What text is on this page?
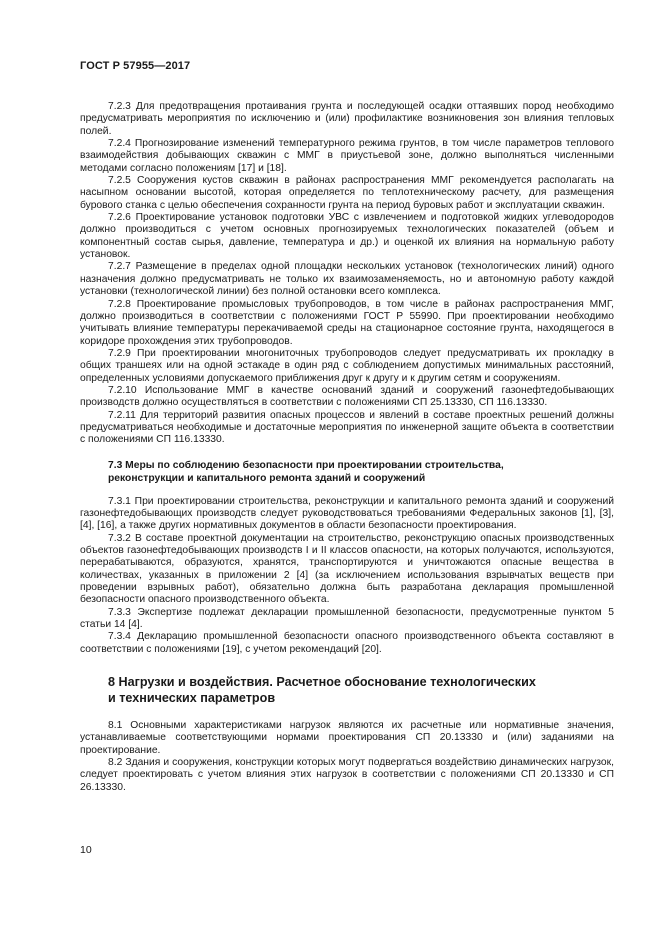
ГОСТ Р 57955—2017

7.2.3 Для предотвращения протаивания грунта и последующей осадки оттаявших пород необходимо предусматривать мероприятия по исключению и (или) профилактике возникновения зон влияния тепловых полей.

7.2.4 Прогнозирование изменений температурного режима грунтов, в том числе параметров теплового взаимодействия добывающих скважин с ММГ в приустьевой зоне, должно выполняться численными методами согласно положениям [17] и [18].

7.2.5 Сооружения кустов скважин в районах распространения ММГ рекомендуется располагать на насыпном основании высотой, которая определяется по теплотехническому расчету, для размещения бурового станка с целью обеспечения сохранности грунта на период буровых работ и эксплуатации скважин.

7.2.6 Проектирование установок подготовки УВС с извлечением и подготовкой жидких углеводородов должно производиться с учетом основных прогнозируемых технологических показателей (объем и компонентный состав сырья, давление, температура и др.) и оценкой их влияния на нормальную работу установок.

7.2.7 Размещение в пределах одной площадки нескольких установок (технологических линий) одного назначения должно предусматривать не только их взаимозаменяемость, но и автономную работу каждой установки (технологической линии) без полной остановки всего комплекса.

7.2.8 Проектирование промысловых трубопроводов, в том числе в районах распространения ММГ, должно производиться в соответствии с положениями ГОСТ Р 55990. При проектировании необходимо учитывать влияние температуры перекачиваемой среды на стационарное состояние грунта, находящегося в коридоре прохождения этих трубопроводов.

7.2.9 При проектировании многониточных трубопроводов следует предусматривать их прокладку в общих траншеях или на одной эстакаде в один ряд с соблюдением допустимых минимальных расстояний, определенных условиями допускаемого приближения друг к другу и к другим сетям и сооружениям.

7.2.10 Использование ММГ в качестве оснований зданий и сооружений газонефтедобывающих производств должно осуществляться в соответствии с положениями СП 25.13330, СП 116.13330.

7.2.11 Для территорий развития опасных процессов и явлений в составе проектных решений должны предусматриваться необходимые и достаточные мероприятия по инженерной защите объекта в соответствии с положениями СП 116.13330.

7.3 Меры по соблюдению безопасности при проектировании строительства,
реконструкции и капитального ремонта зданий и сооружений

7.3.1 При проектировании строительства, реконструкции и капитального ремонта зданий и сооружений газонефтедобывающих производств следует руководствоваться требованиями Федеральных законов [1], [3], [4], [16], а также других нормативных документов в области безопасности проектирования.

7.3.2 В составе проектной документации на строительство, реконструкцию опасных производственных объектов газонефтедобывающих производств I и II классов опасности, на которых получаются, используются, перерабатываются, образуются, хранятся, транспортируются и уничтожаются опасные вещества в количествах, указанных в приложении 2 [4] (за исключением использования взрывчатых веществ при проведении взрывных работ), обязательно должна быть разработана декларация промышленной безопасности опасного производственного объекта.

7.3.3 Экспертизе подлежат декларации промышленной безопасности, предусмотренные пунктом 5 статьи 14 [4].

7.3.4 Декларацию промышленной безопасности опасного производственного объекта составляют в соответствии с положениями [19], с учетом рекомендаций [20].

8 Нагрузки и воздействия. Расчетное обоснование технологических
и технических параметров

8.1 Основными характеристиками нагрузок являются их расчетные или нормативные значения, устанавливаемые соответствующими нормами проектирования СП 20.13330 и (или) заданиями на проектирование.

8.2 Здания и сооружения, конструкции которых могут подвергаться воздействию динамических нагрузок, следует проектировать с учетом влияния этих нагрузок в соответствии с положениями СП 20.13330 и СП 26.13330.

10
